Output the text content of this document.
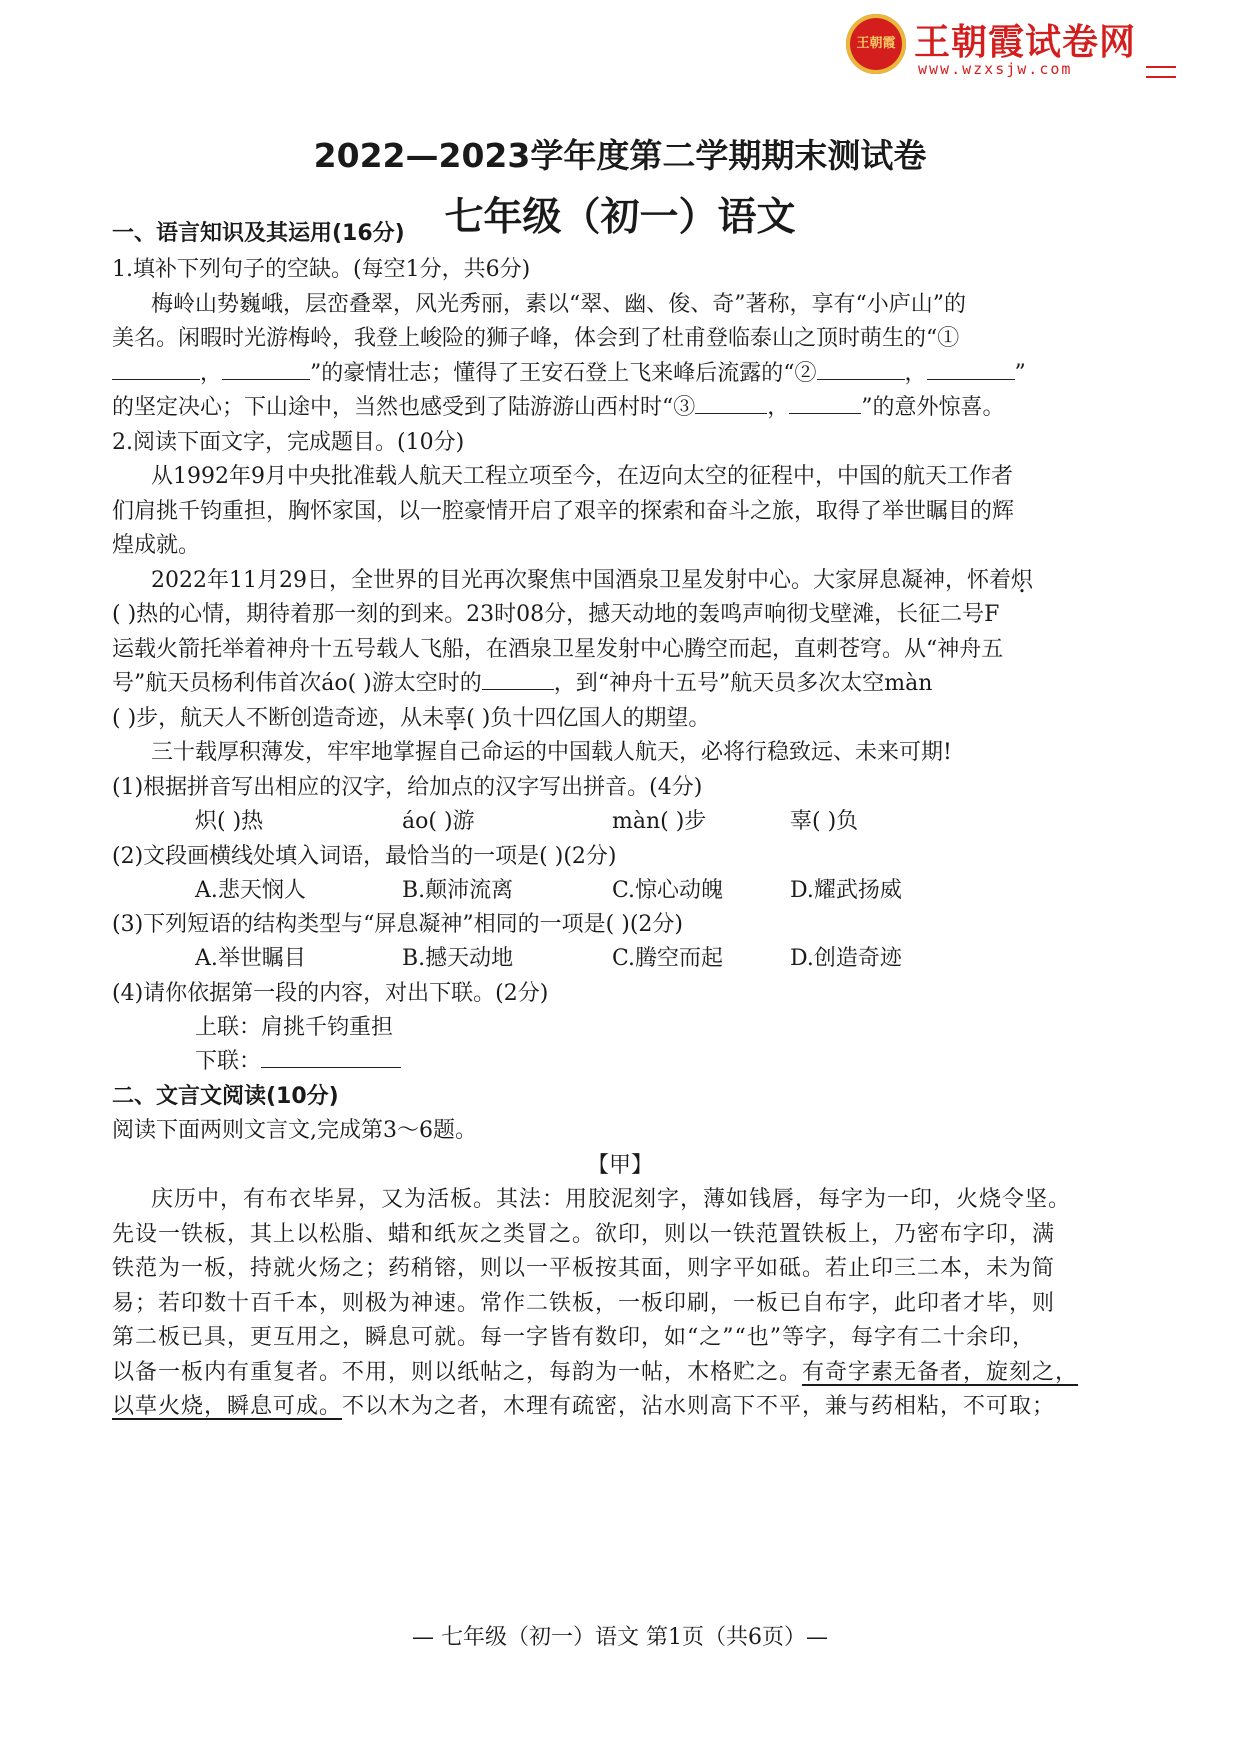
王朝霞 王朝霞试卷网
www.wzxsjw.com
2022—2023学年度第二学期期末测试卷
七年级（初一）语文
一、语言知识及其运用(16分)
1.填补下列句子的空缺。(每空1分，共6分)
梅岭山势巍峨，层峦叠翠，风光秀丽，素以“翠、幽、俊、奇”著称，享有“小庐山”的
美名。闲暇时光游梅岭，我登上峻险的狮子峰，体会到了杜甫登临泰山之顶时萌生的“①
，	”的豪情壮志；懂得了王安石登上飞来峰后流露的“②	，	”
的坚定决心；下山途中，当然也感受到了陆游游山西村时“③	，	”的意外惊喜。
2.阅读下面文字，完成题目。(10分)
从1992年9月中央批准载人航天工程立项至今，在迈向太空的征程中，中国的航天工作者
们肩挑千钧重担，胸怀家国，以一腔豪情开启了艰辛的探索和奋斗之旅，取得了举世瞩目的辉
煌成就。
2022年11月29日，全世界的目光再次聚焦中国酒泉卫星发射中心。大家屏息凝神，怀着炽
( )热的心情，期待着那一刻的到来。23时08分，撼天动地的轰鸣声响彻戈壁滩，长征二号F
运载火箭托举着神舟十五号载人飞船，在酒泉卫星发射中心腾空而起，直刺苍穹。从“神舟五
号”航天员杨利伟首次áo( )游太空时的	，到“神舟十五号”航天员多次太空màn
( )步，航天人不断创造奇迹，从未辜( )负十四亿国人的期望。
三十载厚积薄发，牢牢地掌握自己命运的中国载人航天，必将行稳致远、未来可期!
(1)根据拼音写出相应的汉字，给加点的汉字写出拼音。(4分)
炽( )热	áo( )游	màn( )步	辜( )负
(2)文段画横线处填入词语，最恰当的一项是( )(2分)
A.悲天悯人	B.颠沛流离	C.惊心动魄	D.耀武扬威
(3)下列短语的结构类型与“屏息凝神”相同的一项是( )(2分)
A.举世瞩目	B.撼天动地	C.腾空而起	D.创造奇迹
(4)请你依据第一段的内容，对出下联。(2分)
上联：肩挑千钧重担
下联：
二、文言文阅读(10分)
阅读下面两则文言文,完成第3～6题。
【甲】
庆历中，有布衣毕昇，又为活板。其法：用胶泥刻字，薄如钱唇，每字为一印，火烧令坚。
先设一铁板，其上以松脂、蜡和纸灰之类冒之。欲印，则以一铁范置铁板上，乃密布字印，满
铁范为一板，持就火炀之；药稍镕，则以一平板按其面，则字平如砥。若止印三二本，未为简
易；若印数十百千本，则极为神速。常作二铁板，一板印刷，一板已自布字，此印者才毕，则
第二板已具，更互用之，瞬息可就。每一字皆有数印，如“之”“也”等字，每字有二十余印，
以备一板内有重复者。不用，则以纸帖之，每韵为一帖，木格贮之。有奇字素无备者，旋刻之，
以草火烧，瞬息可成。不以木为之者，木理有疏密，沾水则高下不平，兼与药相粘，不可取；
— 七年级（初一）语文 第1页（共6页）—
